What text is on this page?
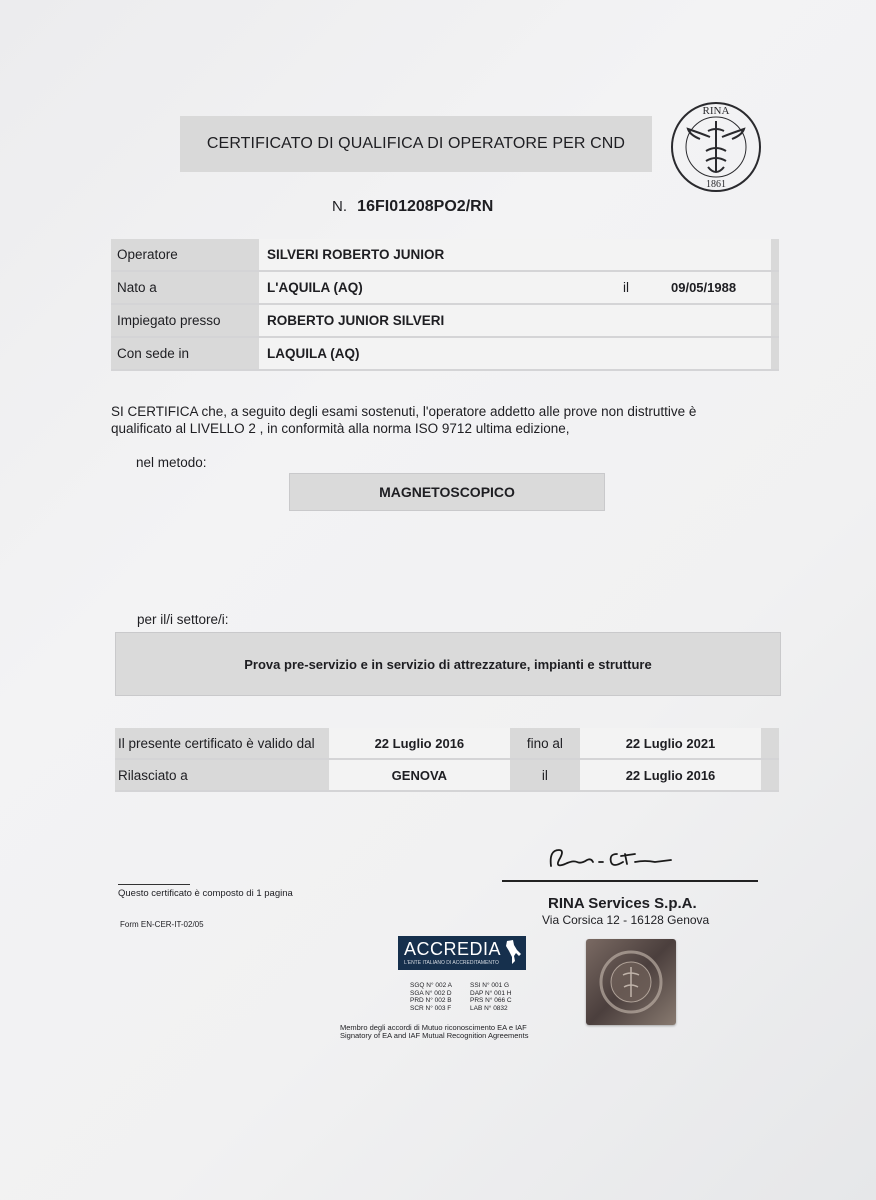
CERTIFICATO DI QUALIFICA DI OPERATORE PER CND
RINA
1861
N. 16FI01208PO2/RN
Operatore	SILVERI ROBERTO JUNIOR			
Nato a	L'AQUILA (AQ)	il	09/05/1988	
Impiegato presso	ROBERTO JUNIOR SILVERI			
Con sede in	LAQUILA (AQ)			
SI CERTIFICA che, a seguito degli esami sostenuti, l'operatore addetto alle prove non distruttive è
qualificato al LIVELLO 2 , in conformità alla norma ISO 9712 ultima edizione,
nel metodo:
MAGNETOSCOPICO
per il/i settore/i:
Prova pre-servizio e in servizio di attrezzature, impianti e strutture
Il presente certificato è valido dal	22 Luglio 2016	fino al	22 Luglio 2021	
Rilasciato a	GENOVA	il	22 Luglio 2016	
RINA Services S.p.A.
Via Corsica 12 - 16128 Genova
Questo certificato è composto di 1 pagina
Form EN-CER-IT-02/05
ACCREDIA
L'ENTE ITALIANO DI ACCREDITAMENTO
SGQ N° 002 A	SSI N° 001 G
SGA N° 002 D	DAP N° 001 H
PRD N° 002 B	PRS N° 066 C
SCR N° 003 F	LAB N° 0832
Membro degli accordi di Mutuo riconoscimento EA e IAF
Signatory of EA and IAF Mutual Recognition Agreements
